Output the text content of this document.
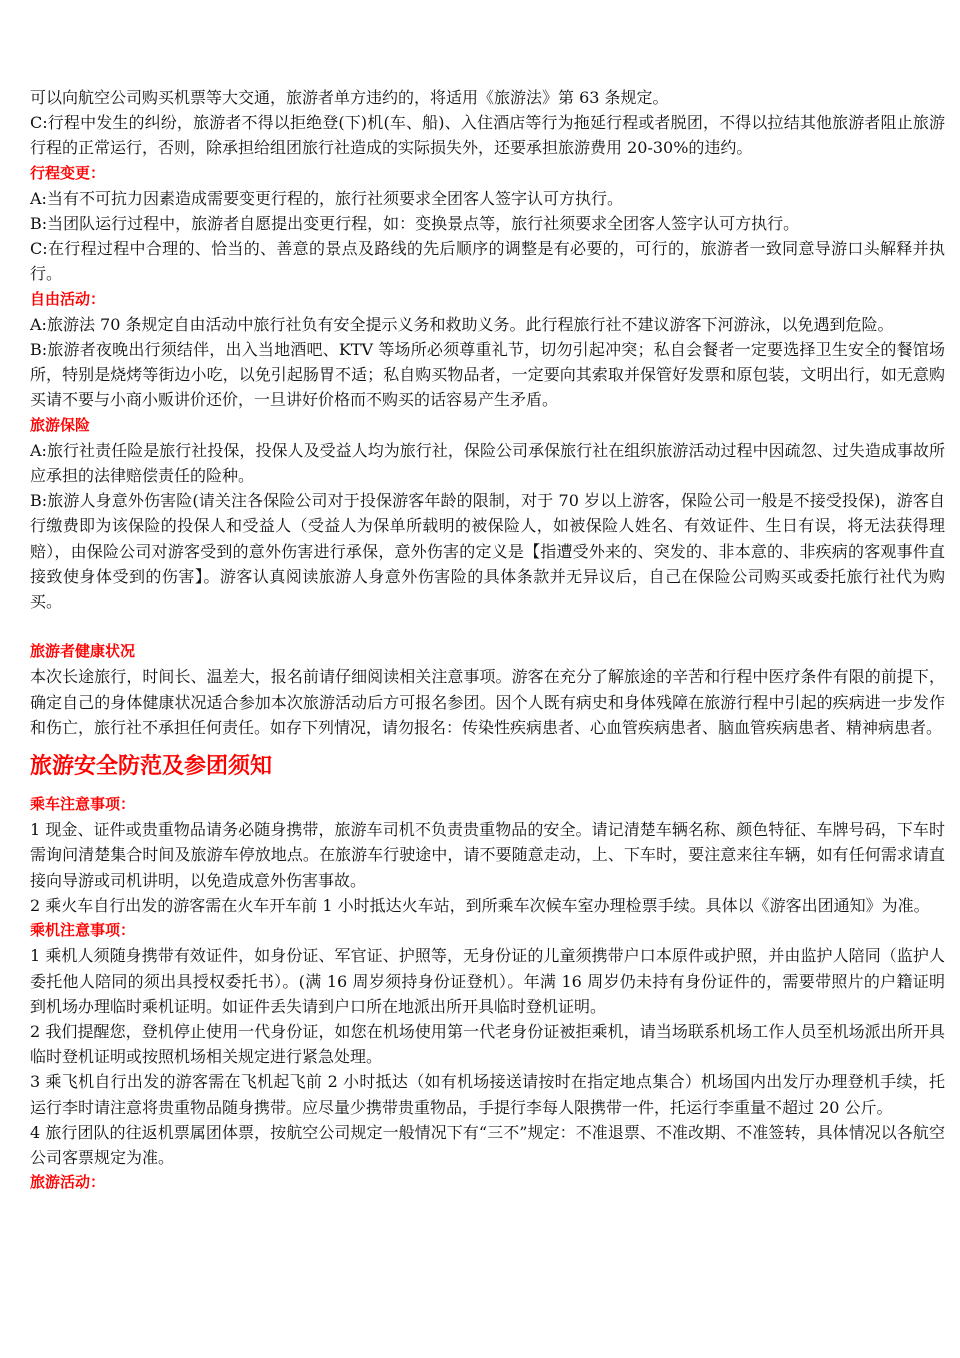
可以向航空公司购买机票等大交通，旅游者单方违约的，将适用《旅游法》第 63 条规定。

C:行程中发生的纠纷，旅游者不得以拒绝登(下)机(车、船)、入住酒店等行为拖延行程或者脱团，不得以拉结其他旅游者阻止旅游行程的正常运行，否则，除承担给组团旅行社造成的实际损失外，还要承担旅游费用 20-30%的违约。

行程变更：

A:当有不可抗力因素造成需要变更行程的，旅行社须要求全团客人签字认可方执行。

B:当团队运行过程中，旅游者自愿提出变更行程，如：变换景点等，旅行社须要求全团客人签字认可方执行。

C:在行程过程中合理的、恰当的、善意的景点及路线的先后顺序的调整是有必要的，可行的，旅游者一致同意导游口头解释并执行。

自由活动：

A:旅游法 70 条规定自由活动中旅行社负有安全提示义务和救助义务。此行程旅行社不建议游客下河游泳，以免遇到危险。

B:旅游者夜晚出行须结伴，出入当地酒吧、KTV 等场所必须尊重礼节，切勿引起冲突；私自会餐者一定要选择卫生安全的餐馆场所，特别是烧烤等街边小吃，以免引起肠胃不适；私自购买物品者，一定要向其索取并保管好发票和原包装，文明出行，如无意购买请不要与小商小贩讲价还价，一旦讲好价格而不购买的话容易产生矛盾。

旅游保险

A:旅行社责任险是旅行社投保，投保人及受益人均为旅行社，保险公司承保旅行社在组织旅游活动过程中因疏忽、过失造成事故所应承担的法律赔偿责任的险种。

B:旅游人身意外伤害险(请关注各保险公司对于投保游客年龄的限制，对于 70 岁以上游客，保险公司一般是不接受投保)，游客自行缴费即为该保险的投保人和受益人（受益人为保单所载明的被保险人，如被保险人姓名、有效证件、生日有误，将无法获得理赔），由保险公司对游客受到的意外伤害进行承保，意外伤害的定义是【指遭受外来的、突发的、非本意的、非疾病的客观事件直接致使身体受到的伤害】。游客认真阅读旅游人身意外伤害险的具体条款并无异议后，自己在保险公司购买或委托旅行社代为购买。

旅游者健康状况

本次长途旅行，时间长、温差大，报名前请仔细阅读相关注意事项。游客在充分了解旅途的辛苦和行程中医疗条件有限的前提下，确定自己的身体健康状况适合参加本次旅游活动后方可报名参团。因个人既有病史和身体残障在旅游行程中引起的疾病进一步发作和伤亡，旅行社不承担任何责任。如存下列情况，请勿报名：传染性疾病患者、心血管疾病患者、脑血管疾病患者、精神病患者。

旅游安全防范及参团须知

乘车注意事项：

1 现金、证件或贵重物品请务必随身携带，旅游车司机不负责贵重物品的安全。请记清楚车辆名称、颜色特征、车牌号码，下车时需询问清楚集合时间及旅游车停放地点。在旅游车行驶途中，请不要随意走动，上、下车时，要注意来往车辆，如有任何需求请直接向导游或司机讲明，以免造成意外伤害事故。

2 乘火车自行出发的游客需在火车开车前 1 小时抵达火车站，到所乘车次候车室办理检票手续。具体以《游客出团通知》为准。

乘机注意事项：

1 乘机人须随身携带有效证件，如身份证、军官证、护照等，无身份证的儿童须携带户口本原件或护照，并由监护人陪同（监护人委托他人陪同的须出具授权委托书）。(满 16 周岁须持身份证登机）。年满 16 周岁仍未持有身份证件的，需要带照片的户籍证明到机场办理临时乘机证明。如证件丢失请到户口所在地派出所开具临时登机证明。

2 我们提醒您，登机停止使用一代身份证，如您在机场使用第一代老身份证被拒乘机，请当场联系机场工作人员至机场派出所开具临时登机证明或按照机场相关规定进行紧急处理。

3 乘飞机自行出发的游客需在飞机起飞前 2 小时抵达（如有机场接送请按时在指定地点集合）机场国内出发厅办理登机手续，托运行李时请注意将贵重物品随身携带。应尽量少携带贵重物品，手提行李每人限携带一件，托运行李重量不超过 20 公斤。

4 旅行团队的往返机票属团体票，按航空公司规定一般情况下有“三不”规定：不准退票、不准改期、不准签转，具体情况以各航空公司客票规定为准。

旅游活动：
